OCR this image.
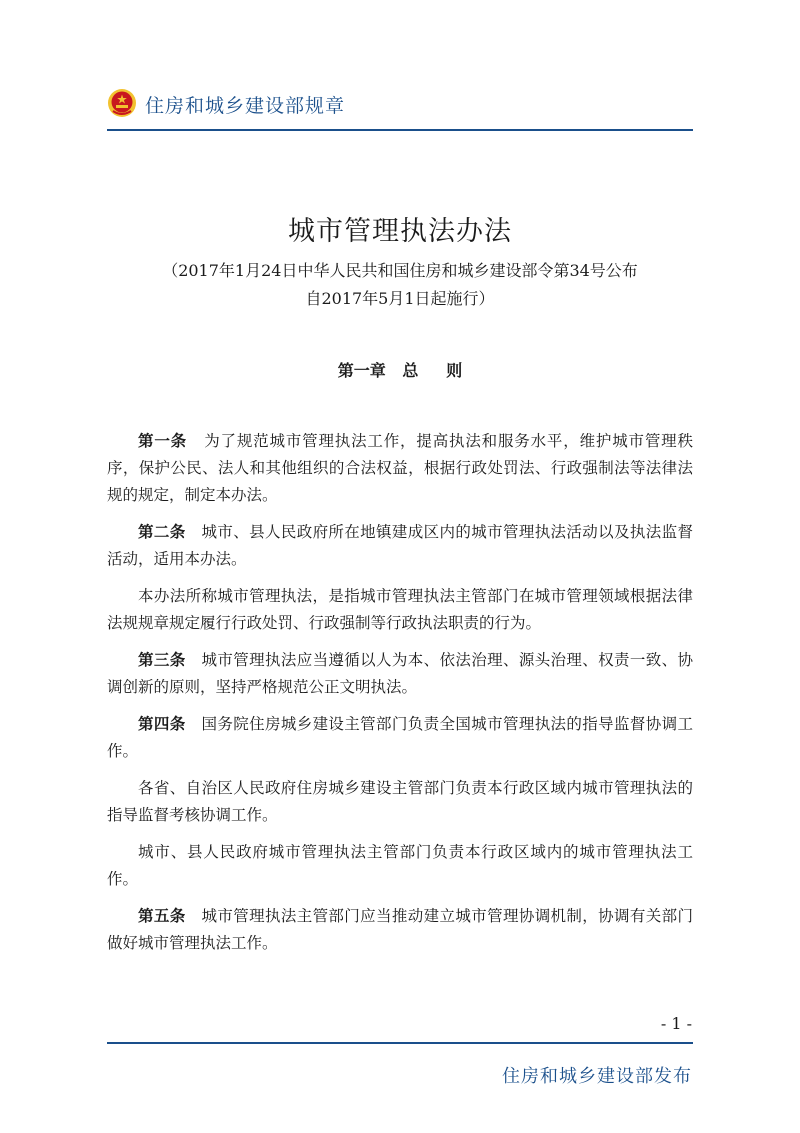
住房和城乡建设部规章
城市管理执法办法
（2017年1月24日中华人民共和国住房和城乡建设部令第34号公布
自2017年5月1日起施行）
第一章   总     则

第一条 为了规范城市管理执法工作，提高执法和服务水平，维护城市管理秩序，保护公民、法人和其他组织的合法权益，根据行政处罚法、行政强制法等法律法规的规定，制定本办法。

第二条 城市、县人民政府所在地镇建成区内的城市管理执法活动以及执法监督活动，适用本办法。

本办法所称城市管理执法，是指城市管理执法主管部门在城市管理领域根据法律法规规章规定履行行政处罚、行政强制等行政执法职责的行为。

第三条 城市管理执法应当遵循以人为本、依法治理、源头治理、权责一致、协调创新的原则，坚持严格规范公正文明执法。

第四条 国务院住房城乡建设主管部门负责全国城市管理执法的指导监督协调工作。

各省、自治区人民政府住房城乡建设主管部门负责本行政区域内城市管理执法的指导监督考核协调工作。

城市、县人民政府城市管理执法主管部门负责本行政区域内的城市管理执法工作。

第五条 城市管理执法主管部门应当推动建立城市管理协调机制，协调有关部门做好城市管理执法工作。

- 1 -
住房和城乡建设部发布
